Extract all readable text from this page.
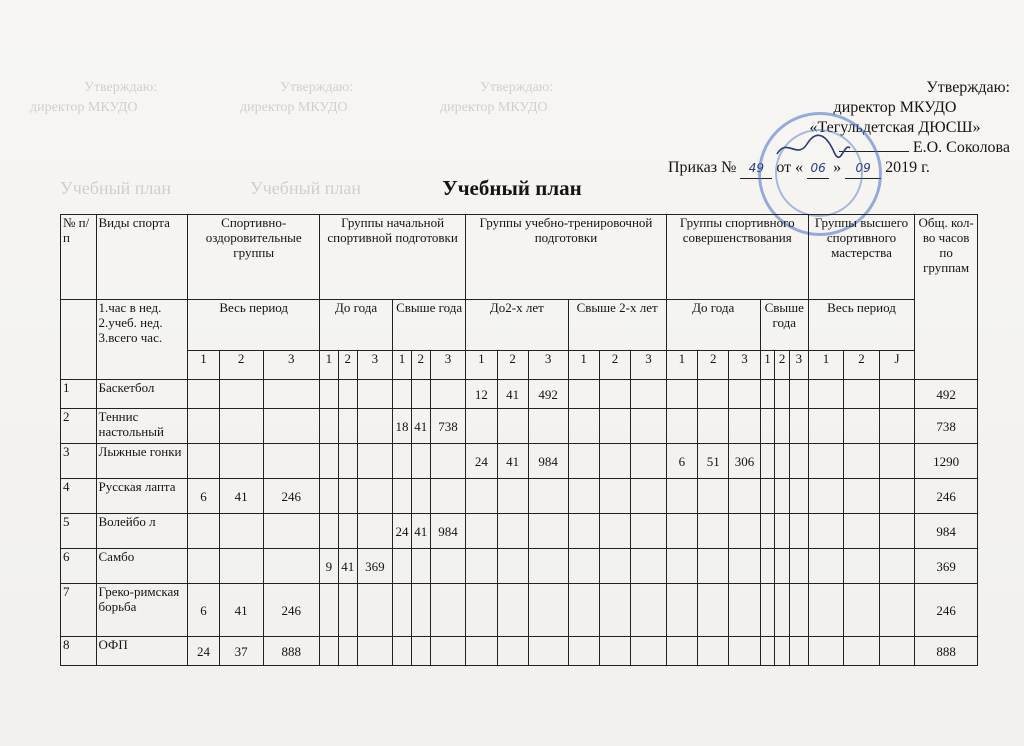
Утверждаю:	Утверждаю:	Утверждаю:
директор МКУДО	директор МКУДО	директор МКУДО
Учебный план	Учебный план
Утверждаю:
директор МКУДО
«Тегульдетская ДЮСШ»
Е.О. Соколова
Приказ № 49 от « 06 » 09 2019 г.
Учебный план
№ п/п	Виды спорта	Спортивно-оздоровительные группы			Группы начальной спортивной подготовки						Группы учебно-тренировочной подготовки						Группы спортивного совершенствования						Группы высшего спортивного мастерства			Общ. кол-во часов по группам
	1.час в нед.
2.учеб. нед.
3.всего час.	Весь период			До года			Свыше года			До2-х лет			Свыше 2-х лет			До года			Свыше года			Весь период			
		1	2	3	1	2	3	1	2	3	1	2	3	1	2	3	1	2	3	1	2	3	1	2	J	
1	Баскетбол										12	41	492													492
2	Теннис настольный							18	41	738																738
3	Лыжные гонки										24	41	984				6	51	306							1290
4	Русская лапта	6	41	246																						246
5	Волейбо л							24	41	984																984
6	Самбо				9	41	369																			369
7	Греко-римская борьба	6	41	246																						246
8	ОФП	24	37	888																						888
